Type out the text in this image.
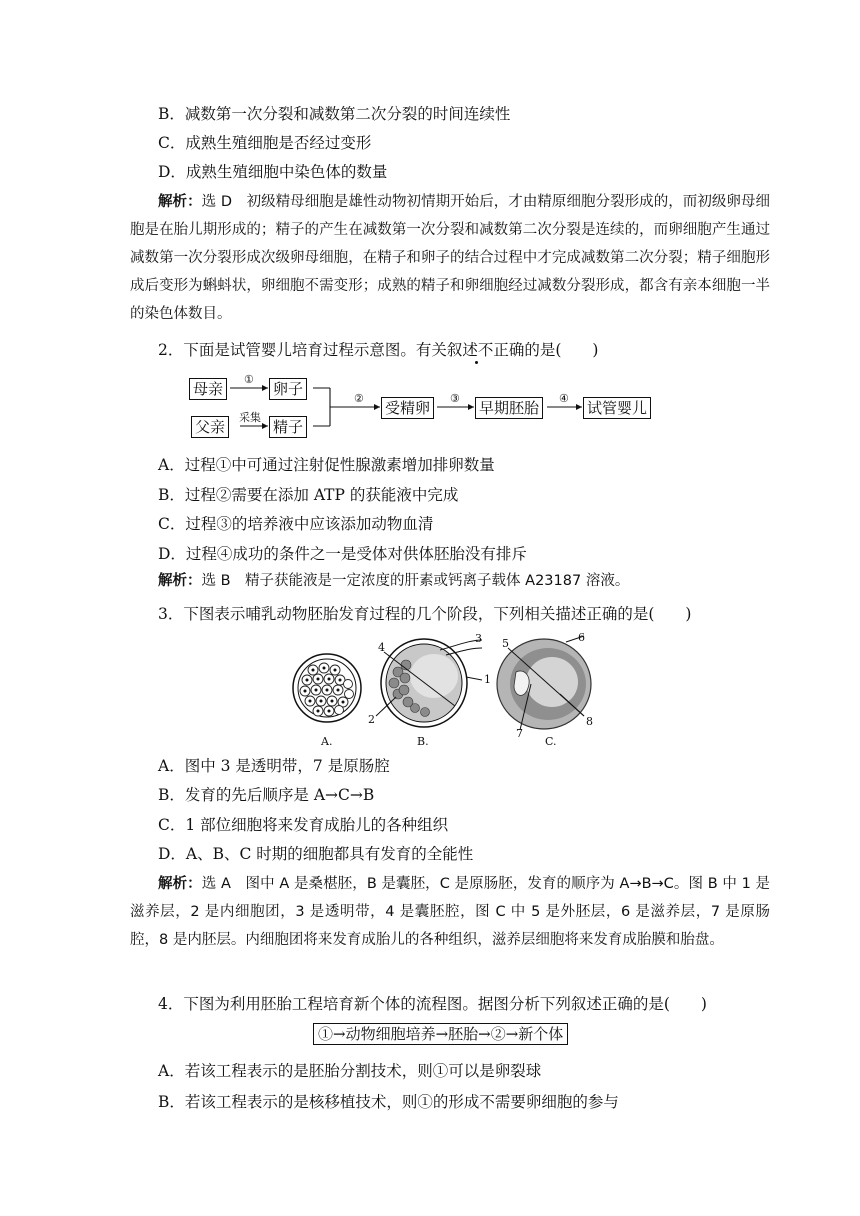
B．减数第一次分裂和减数第二次分裂的时间连续性
C．成熟生殖细胞是否经过变形
D．成熟生殖细胞中染色体的数量
解析：选 D　初级精母细胞是雄性动物初情期开始后，才由精原细胞分裂形成的，而初级卵母细胞是在胎儿期形成的；精子的产生在减数第一次分裂和减数第二次分裂是连续的，而卵细胞产生通过减数第一次分裂形成次级卵母细胞，在精子和卵子的结合过程中才完成减数第二次分裂；精子细胞形成后变形为蝌蚪状，卵细胞不需变形；成熟的精子和卵细胞经过减数分裂形成，都含有亲本细胞一半的染色体数目。
2．下面是试管婴儿培育过程示意图。有关叙述不正确的是(　　)
母亲	卵子
父亲	精子
受精卵	早期胚胎	试管婴儿
①
采集
②	③	④
A．过程①中可通过注射促性腺激素增加排卵数量
B．过程②需要在添加 ATP 的获能液中完成
C．过程③的培养液中应该添加动物血清
D．过程④成功的条件之一是受体对供体胚胎没有排斥
解析：选 B　精子获能液是一定浓度的肝素或钙离子载体 A23187 溶液。
3．下图表示哺乳动物胚胎发育过程的几个阶段，下列相关描述正确的是(　　)
3
4
1
2
5	6
8
7
A.	B.	C.
A．图中 3 是透明带，7 是原肠腔
B．发育的先后顺序是 A→C→B
C．1 部位细胞将来发育成胎儿的各种组织
D．A、B、C 时期的细胞都具有发育的全能性
解析：选 A　图中 A 是桑椹胚，B 是囊胚，C 是原肠胚，发育的顺序为 A→B→C。图 B 中 1 是滋养层，2 是内细胞团，3 是透明带，4 是囊胚腔，图 C 中 5 是外胚层，6 是滋养层，7 是原肠腔，8 是内胚层。内细胞团将来发育成胎儿的各种组织，滋养层细胞将来发育成胎膜和胎盘。
4．下图为利用胚胎工程培育新个体的流程图。据图分析下列叙述正确的是(　　)
①→动物细胞培养→胚胎→②→新个体
A．若该工程表示的是胚胎分割技术，则①可以是卵裂球
B．若该工程表示的是核移植技术，则①的形成不需要卵细胞的参与
